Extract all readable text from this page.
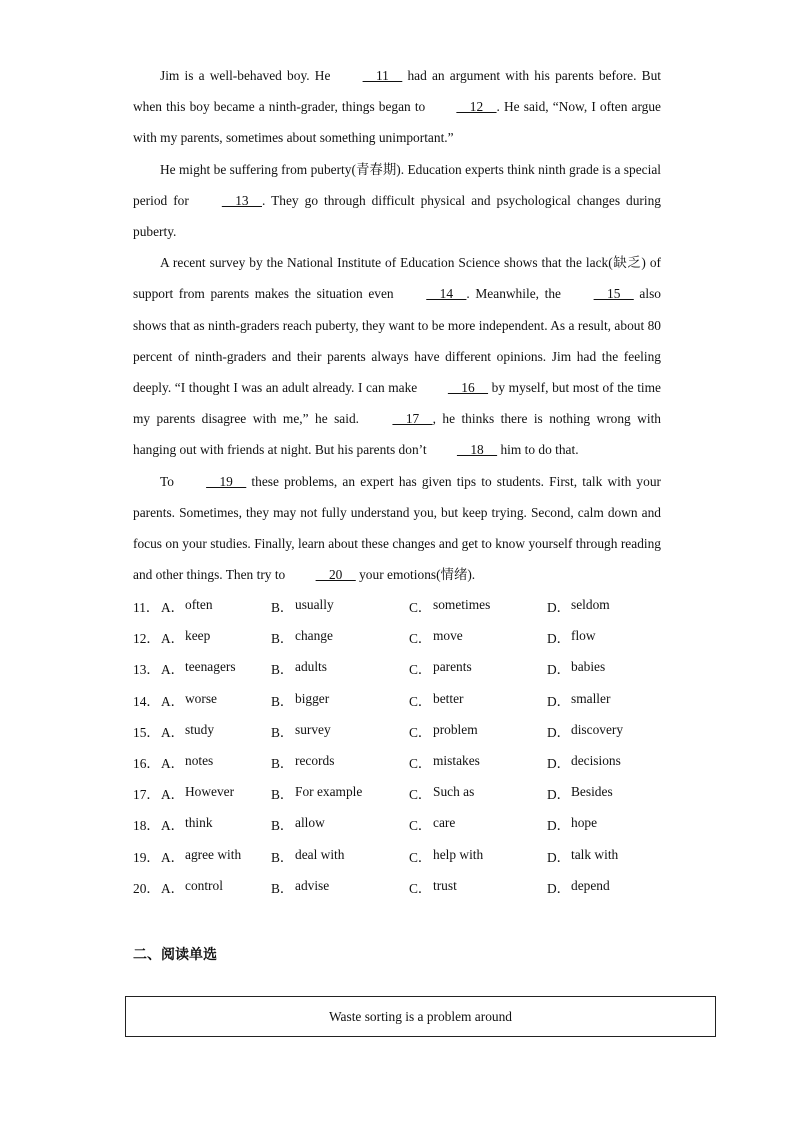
Jim is a well-behaved boy. He     11     had an argument with his parents before. But when this boy became a ninth-grader, things began to     12    . He said, “Now, I often argue with my parents, sometimes about something unimportant.”

He might be suffering from puberty(青春期). Education experts think ninth grade is a special period for     13    . They go through difficult physical and psychological changes during puberty.

A recent survey by the National Institute of Education Science shows that the lack(缺乏) of support from parents makes the situation even     14    . Meanwhile, the     15     also shows that as ninth-graders reach puberty, they want to be more independent. As a result, about 80 percent of ninth-graders and their parents always have different opinions. Jim had the feeling deeply. “I thought I was an adult already. I can make     16     by myself, but most of the time my parents disagree with me,” he said.     17    , he thinks there is nothing wrong with hanging out with friends at night. But his parents don’t     18     him to do that.

To     19     these problems, an expert has given tips to students. First, talk with your parents. Sometimes, they may not fully understand you, but keep trying. Second, calm down and focus on your studies. Finally, learn about these changes and get to know yourself through reading and other things. Then try to     20     your emotions(情绪).

11． A． often	B． usually	C． sometimes	D． seldom
12． A． keep	B． change	C． move	D． flow
13． A． teenagers	B． adults	C． parents	D． babies
14． A． worse	B． bigger	C． better	D． smaller
15． A． study	B． survey	C． problem	D． discovery
16． A． notes	B． records	C． mistakes	D． decisions
17． A． However	B． For example	C． Such as	D． Besides
18． A． think	B． allow	C． care	D． hope
19． A． agree with B． deal with	C． help with	D． talk with
20． A． control	B． advise	C． trust	D． depend
二、阅读单选
Waste sorting is a problem around
